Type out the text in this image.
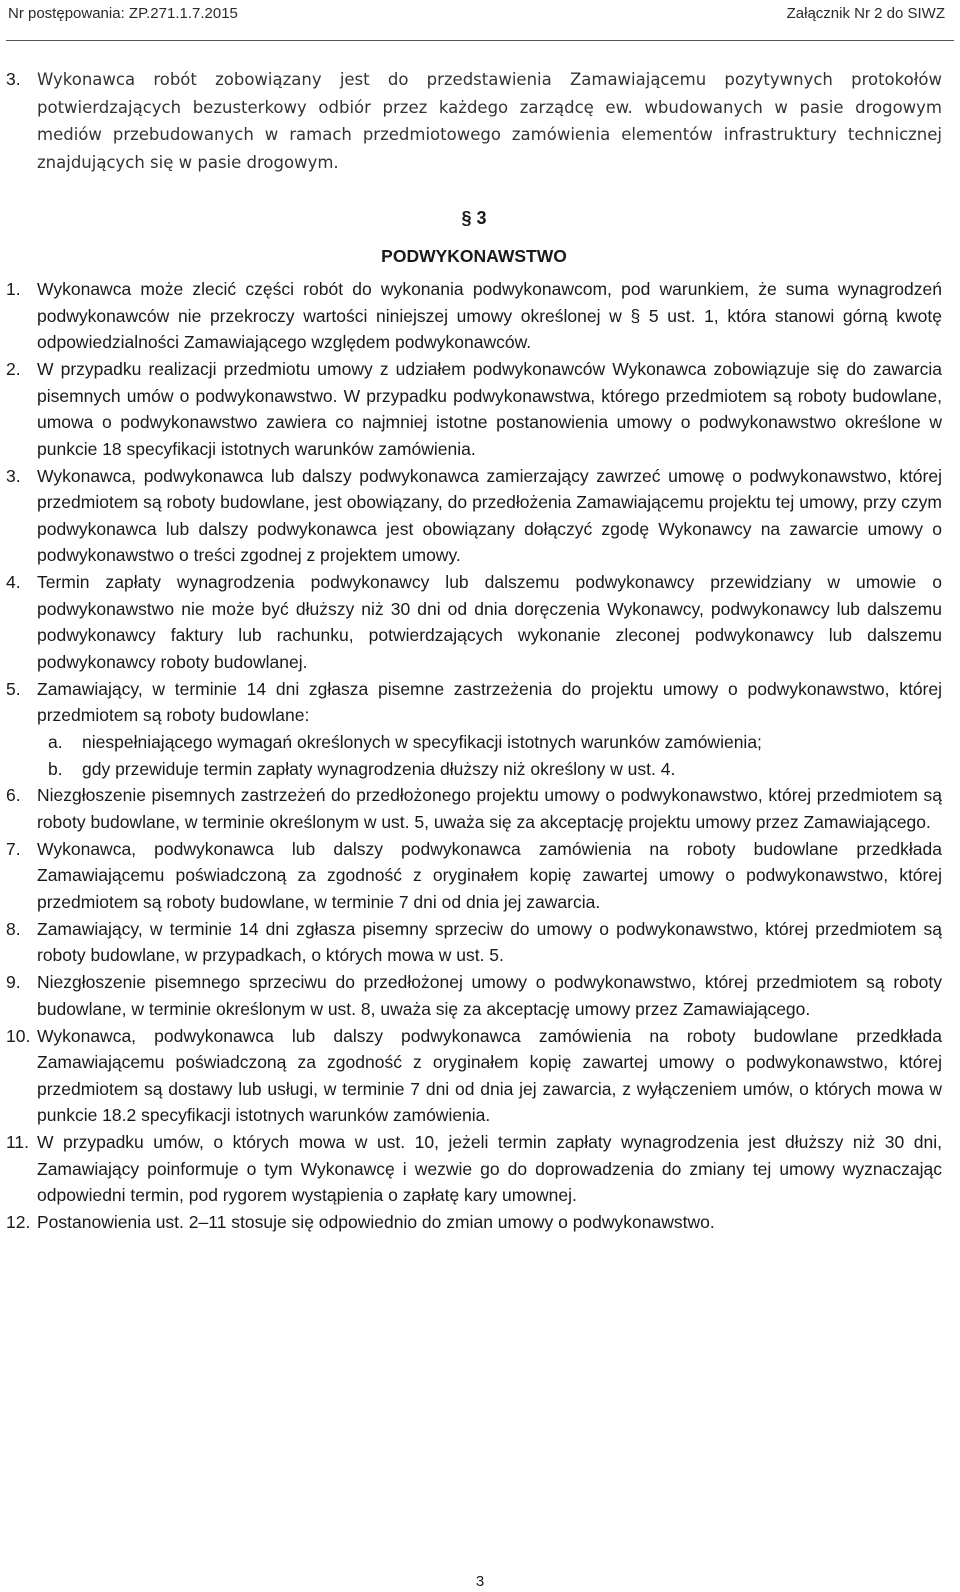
Nr postępowania: ZP.271.1.7.2015	Załącznik Nr 2 do SIWZ

3. Wykonawca robót zobowiązany jest do przedstawienia Zamawiającemu pozytywnych protokołów potwierdzających bezusterkowy odbiór przez każdego zarządcę ew. wbudowanych w pasie drogowym mediów przebudowanych w ramach przedmiotowego zamówienia elementów infrastruktury technicznej znajdujących się w pasie drogowym.

§ 3
PODWYKONAWSTWO

1. Wykonawca może zlecić części robót do wykonania podwykonawcom, pod warunkiem, że suma wynagrodzeń podwykonawców nie przekroczy wartości niniejszej umowy określonej w § 5 ust. 1, która stanowi górną kwotę odpowiedzialności Zamawiającego względem podwykonawców.

2. W przypadku realizacji przedmiotu umowy z udziałem podwykonawców Wykonawca zobowiązuje się do zawarcia pisemnych umów o podwykonawstwo. W przypadku podwykonawstwa, którego przedmiotem są roboty budowlane, umowa o podwykonawstwo zawiera co najmniej istotne postanowienia umowy o podwykonawstwo określone w punkcie 18 specyfikacji istotnych warunków zamówienia.

3. Wykonawca, podwykonawca lub dalszy podwykonawca zamierzający zawrzeć umowę o podwykonawstwo, której przedmiotem są roboty budowlane, jest obowiązany, do przedłożenia Zamawiającemu projektu tej umowy, przy czym podwykonawca lub dalszy podwykonawca jest obowiązany dołączyć zgodę Wykonawcy na zawarcie umowy o podwykonawstwo o treści zgodnej z projektem umowy.

4. Termin zapłaty wynagrodzenia podwykonawcy lub dalszemu podwykonawcy przewidziany w umowie o podwykonawstwo nie może być dłuższy niż 30 dni od dnia doręczenia Wykonawcy, podwykonawcy lub dalszemu podwykonawcy faktury lub rachunku, potwierdzających wykonanie zleconej podwykonawcy lub dalszemu podwykonawcy roboty budowlanej.

5. Zamawiający, w terminie 14 dni zgłasza pisemne zastrzeżenia do projektu umowy o podwykonawstwo, której przedmiotem są roboty budowlane:

a. niespełniającego wymagań określonych w specyfikacji istotnych warunków zamówienia;
b. gdy przewiduje termin zapłaty wynagrodzenia dłuższy niż określony w ust. 4.

6. Niezgłoszenie pisemnych zastrzeżeń do przedłożonego projektu umowy o podwykonawstwo, której przedmiotem są roboty budowlane, w terminie określonym w ust. 5, uważa się za akceptację projektu umowy przez Zamawiającego.

7. Wykonawca, podwykonawca lub dalszy podwykonawca zamówienia na roboty budowlane przedkłada Zamawiającemu poświadczoną za zgodność z oryginałem kopię zawartej umowy o podwykonawstwo, której przedmiotem są roboty budowlane, w terminie 7 dni od dnia jej zawarcia.

8. Zamawiający, w terminie 14 dni zgłasza pisemny sprzeciw do umowy o podwykonawstwo, której przedmiotem są roboty budowlane, w przypadkach, o których mowa w ust. 5.

9. Niezgłoszenie pisemnego sprzeciwu do przedłożonej umowy o podwykonawstwo, której przedmiotem są roboty budowlane, w terminie określonym w ust. 8, uważa się za akceptację umowy przez Zamawiającego.

10. Wykonawca, podwykonawca lub dalszy podwykonawca zamówienia na roboty budowlane przedkłada Zamawiającemu poświadczoną za zgodność z oryginałem kopię zawartej umowy o podwykonawstwo, której przedmiotem są dostawy lub usługi, w terminie 7 dni od dnia jej zawarcia, z wyłączeniem umów, o których mowa w punkcie 18.2 specyfikacji istotnych warunków zamówienia.

11. W przypadku umów, o których mowa w ust. 10, jeżeli termin zapłaty wynagrodzenia jest dłuższy niż 30 dni, Zamawiający poinformuje o tym Wykonawcę i wezwie go do doprowadzenia do zmiany tej umowy wyznaczając odpowiedni termin, pod rygorem wystąpienia o zapłatę kary umownej.

12. Postanowienia ust. 2–11 stosuje się odpowiednio do zmian umowy o podwykonawstwo.

3
